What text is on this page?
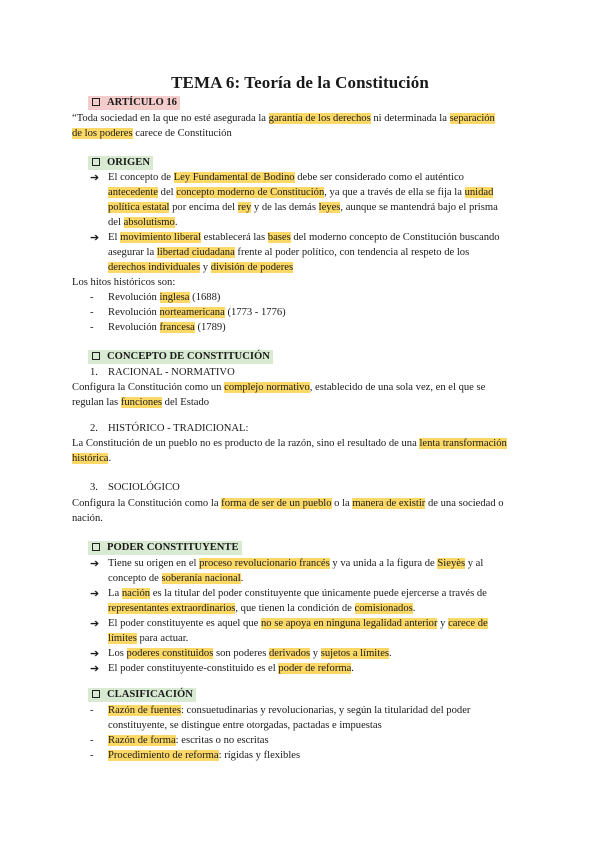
TEMA 6: Teoría de la Constitución
ARTÍCULO 16
“Toda sociedad en la que no esté asegurada la garantía de los derechos ni determinada la separación
de los poderes carece de Constitución
ORIGEN
➔ El concepto de Ley Fundamental de Bodino debe ser considerado como el auténtico
antecedente del concepto moderno de Constitución, ya que a través de ella se fija la unidad
política estatal por encima del rey y de las demás leyes, aunque se mantendrá bajo el prisma
del absolutismo.
➔ El movimiento liberal establecerá las bases del moderno concepto de Constitución buscando
asegurar la libertad ciudadana frente al poder político, con tendencia al respeto de los
derechos individuales y división de poderes
Los hitos históricos son:
- Revolución inglesa (1688)
- Revolución norteamericana (1773 - 1776)
- Revolución francesa (1789)
CONCEPTO DE CONSTITUCIÓN
1. RACIONAL - NORMATIVO
Configura la Constitución como un complejo normativo, establecido de una sola vez, en el que se
regulan las funciones del Estado
2. HISTÓRICO - TRADICIONAL:
La Constitución de un pueblo no es producto de la razón, sino el resultado de una lenta transformación
histórica.
3. SOCIOLÓGICO
Configura la Constitución como la forma de ser de un pueblo o la manera de existir de una sociedad o
nación.
PODER CONSTITUYENTE
➔ Tiene su origen en el proceso revolucionario francés y va unida a la figura de Sieyès y al
concepto de soberanía nacional.
➔ La nación es la titular del poder constituyente que únicamente puede ejercerse a través de
representantes extraordinarios, que tienen la condición de comisionados.
➔ El poder constituyente es aquel que no se apoya en ninguna legalidad anterior y carece de
límites para actuar.
➔ Los poderes constituidos son poderes derivados y sujetos a límites.
➔ El poder constituyente-constituido es el poder de reforma.
CLASIFICACIÓN
- Razón de fuentes: consuetudinarias y revolucionarias, y según la titularidad del poder
constituyente, se distingue entre otorgadas, pactadas e impuestas
- Razón de forma: escritas o no escritas
- Procedimiento de reforma: rígidas y flexibles
